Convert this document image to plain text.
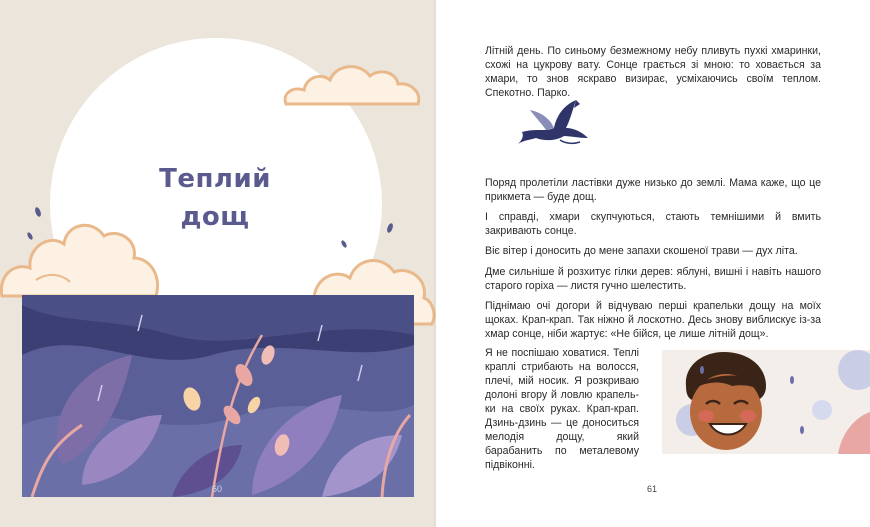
Теплий
дощ
60

Літній день. По синьому безмежному небу пливуть пухкі хмаринки, схожі на цукрову вату. Сонце грається зі мною: то ховається за хмари, то знов яскраво визирає, усміхаючись своїм теплом. Спекотно. Парко.

Поряд пролетіли ластівки дуже низько до землі. Мама каже, що це прикмета — буде дощ.

І справді, хмари скупчуються, стають темнішими й вмить закривають сонце.

Віє вітер і доносить до мене запахи скошеної трави — дух літа.

Дме сильніше й розхитує гілки дерев: яблуні, вишні і навіть нашого старого горіха — листя гучно шелестить.

Піднімаю очі догори й відчуваю перші крапельки дощу на моїх щоках. Крап-крап. Так ніжно й лоскотно. Десь знову виблискує із-за хмар сонце, ніби жартує: «Не бійся, це лише літній дощ».

Я не поспішаю ховатися. Теплі краплі стрибають на волосся, плечі, мій носик. Я розкриваю долоні вгору й ловлю крапельки на своїх руках. Крап-крап. Дзинь-дзинь — це доноситься мелодія дощу, який барабанить по металевому підвіконні.

61
